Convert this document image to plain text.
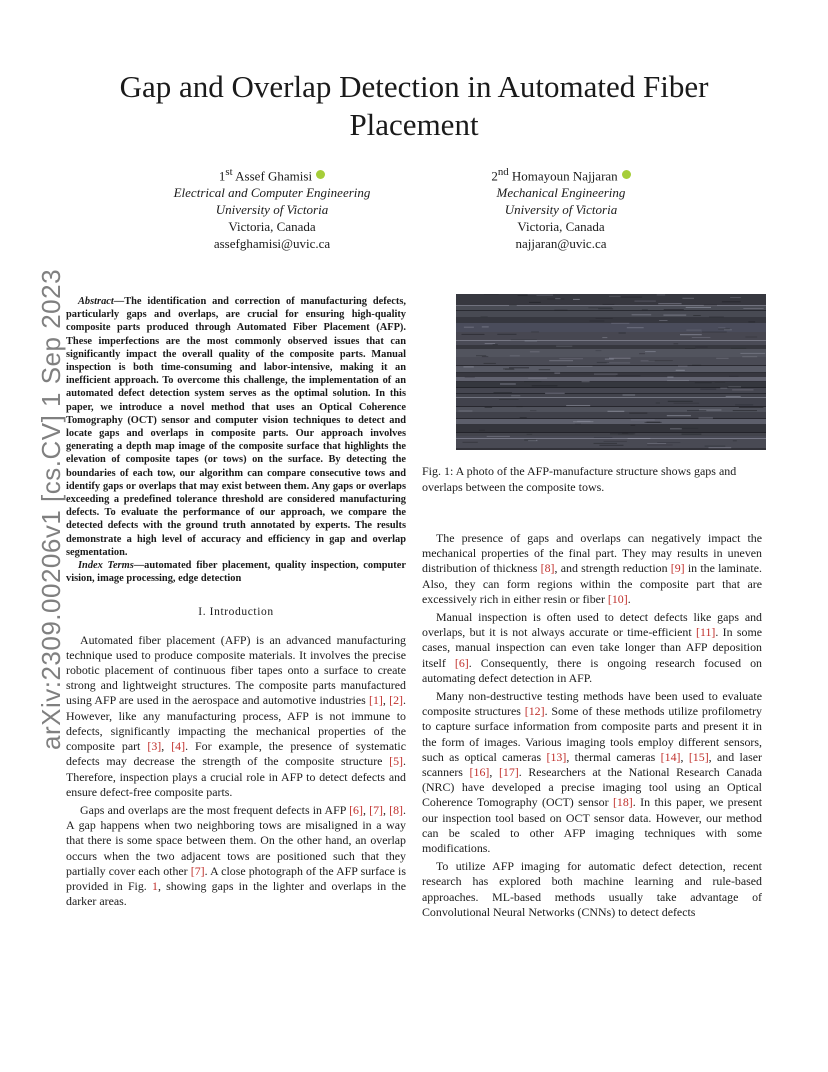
Gap and Overlap Detection in Automated Fiber Placement
1st Assef Ghamisi
Electrical and Computer Engineering
University of Victoria
Victoria, Canada
assefghamisi@uvic.ca
2nd Homayoun Najjaran
Mechanical Engineering
University of Victoria
Victoria, Canada
najjaran@uvic.ca
arXiv:2309.00206v1 [cs.CV] 1 Sep 2023	Abstract—The identification and correction of manufacturing defects, particularly gaps and overlaps, are crucial for ensuring high-quality composite parts produced through Automated Fiber Placement (AFP). These imperfections are the most commonly observed issues that can significantly impact the overall quality of the composite parts. Manual inspection is both time-consuming and labor-intensive, making it an inefficient approach. To overcome this challenge, the implementation of an automated defect detection system serves as the optimal solution. In this paper, we introduce a novel method that uses an Optical Coherence Tomography (OCT) sensor and computer vision techniques to detect and locate gaps and overlaps in composite parts. Our approach involves generating a depth map image of the composite surface that highlights the elevation of composite tapes (or tows) on the surface. By detecting the boundaries of each tow, our algorithm can compare consecutive tows and identify gaps or overlaps that may exist between them. Any gaps or overlaps exceeding a predefined tolerance threshold are considered manufacturing defects. To evaluate the performance of our approach, we compare the detected defects with the ground truth annotated by experts. The results demonstrate a high level of accuracy and efficiency in gap and overlap segmentation.

Index Terms—automated fiber placement, quality inspection, computer vision, image processing, edge detection

I. Introduction

Automated fiber placement (AFP) is an advanced manufacturing technique used to produce composite materials. It involves the precise robotic placement of continuous fiber tapes onto a surface to create strong and lightweight structures. The composite parts manufactured using AFP are used in the aerospace and automotive industries [1], [2]. However, like any manufacturing process, AFP is not immune to defects, significantly impacting the mechanical properties of the composite part [3], [4]. For example, the presence of systematic defects may decrease the strength of the composite structure [5]. Therefore, inspection plays a crucial role in AFP to detect defects and ensure defect-free composite parts.

Gaps and overlaps are the most frequent defects in AFP [6], [7], [8]. A gap happens when two neighboring tows are misaligned in a way that there is some space between them. On the other hand, an overlap occurs when the two adjacent tows are positioned such that they partially cover each other [7]. A close photograph of the AFP surface is provided in Fig. 1, showing gaps in the lighter and overlaps in the darker areas.

Fig. 1: A photo of the AFP-manufacture structure shows gaps and overlaps between the composite tows.

The presence of gaps and overlaps can negatively impact the mechanical properties of the final part. They may results in uneven distribution of thickness [8], and strength reduction [9] in the laminate. Also, they can form regions within the composite part that are excessively rich in either resin or fiber [10].

Manual inspection is often used to detect defects like gaps and overlaps, but it is not always accurate or time-efficient [11]. In some cases, manual inspection can even take longer than AFP deposition itself [6]. Consequently, there is ongoing research focused on automating defect detection in AFP.

Many non-destructive testing methods have been used to evaluate composite structures [12]. Some of these methods utilize profilometry to capture surface information from composite parts and present it in the form of images. Various imaging tools employ different sensors, such as optical cameras [13], thermal cameras [14], [15], and laser scanners [16], [17]. Researchers at the National Research Canada (NRC) have developed a precise imaging tool using an Optical Coherence Tomography (OCT) sensor [18]. In this paper, we present our inspection tool based on OCT sensor data. However, our method can be scaled to other AFP imaging techniques with some modifications.

To utilize AFP imaging for automatic defect detection, recent research has explored both machine learning and rule-based approaches. ML-based methods usually take advantage of Convolutional Neural Networks (CNNs) to detect defects
